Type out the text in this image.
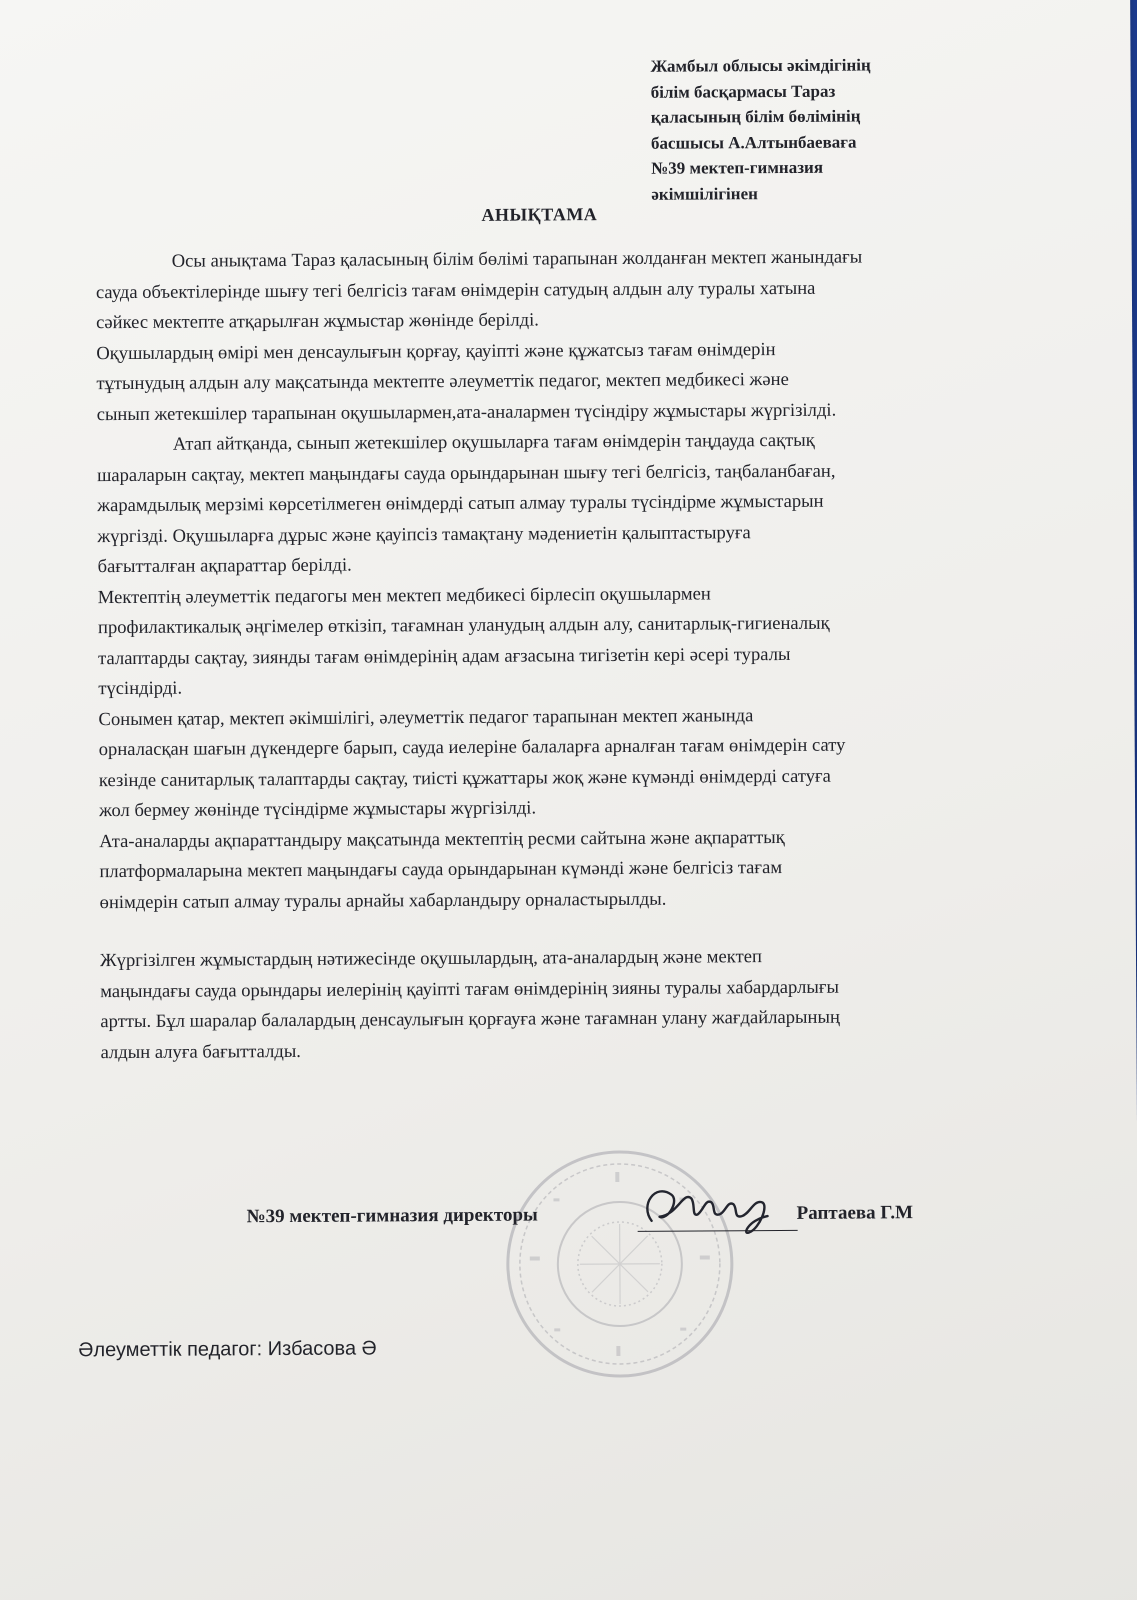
Жамбыл облысы әкімдігінің
білім басқармасы Тараз
қаласының білім бөлімінің
басшысы А.Алтынбаеваға
№39 мектеп-гимназия
әкімшілігінен
АНЫҚТАМА
Осы анықтама Тараз қаласының білім бөлімі тарапынан жолданған мектеп жанындағы
сауда объектілерінде шығу тегі белгісіз тағам өнімдерін сатудың алдын алу туралы хатына
сәйкес мектепте атқарылған жұмыстар жөнінде берілді.
Оқушылардың өмірі мен денсаулығын қорғау, қауіпті және құжатсыз тағам өнімдерін
тұтынудың алдын алу мақсатында мектепте әлеуметтік педагог, мектеп медбикесі және
сынып жетекшілер тарапынан оқушылармен,ата-аналармен түсіндіру жұмыстары жүргізілді.
Атап айтқанда, сынып жетекшілер оқушыларға тағам өнімдерін таңдауда сақтық
шараларын сақтау, мектеп маңындағы сауда орындарынан шығу тегі белгісіз, таңбаланбаған,
жарамдылық мерзімі көрсетілмеген өнімдерді сатып алмау туралы түсіндірме жұмыстарын
жүргізді. Оқушыларға дұрыс және қауіпсіз тамақтану мәдениетін қалыптастыруға
бағытталған ақпараттар берілді.
Мектептің әлеуметтік педагогы мен мектеп медбикесі бірлесіп оқушылармен
профилактикалық әңгімелер өткізіп, тағамнан уланудың алдын алу, санитарлық-гигиеналық
талаптарды сақтау, зиянды тағам өнімдерінің адам ағзасына тигізетін кері әсері туралы
түсіндірді.
Сонымен қатар, мектеп әкімшілігі, әлеуметтік педагог тарапынан мектеп жанында
орналасқан шағын дүкендерге барып, сауда иелеріне балаларға арналған тағам өнімдерін сату
кезінде санитарлық талаптарды сақтау, тиісті құжаттары жоқ және күмәнді өнімдерді сатуға
жол бермеу жөнінде түсіндірме жұмыстары жүргізілді.
Ата-аналарды ақпараттандыру мақсатында мектептің ресми сайтына және ақпараттық
платформаларына мектеп маңындағы сауда орындарынан күмәнді және белгісіз тағам
өнімдерін сатып алмау туралы арнайы хабарландыру орналастырылды.
Жүргізілген жұмыстардың нәтижесінде оқушылардың, ата-аналардың және мектеп
маңындағы сауда орындары иелерінің қауіпті тағам өнімдерінің зияны туралы хабардарлығы
артты. Бұл шаралар балалардың денсаулығын қорғауға және тағамнан улану жағдайларының
алдын алуға бағытталды.
№39 мектеп-гимназия директоры	Раптаева Г.М
Әлеуметтік педагог: Избасова Ә
